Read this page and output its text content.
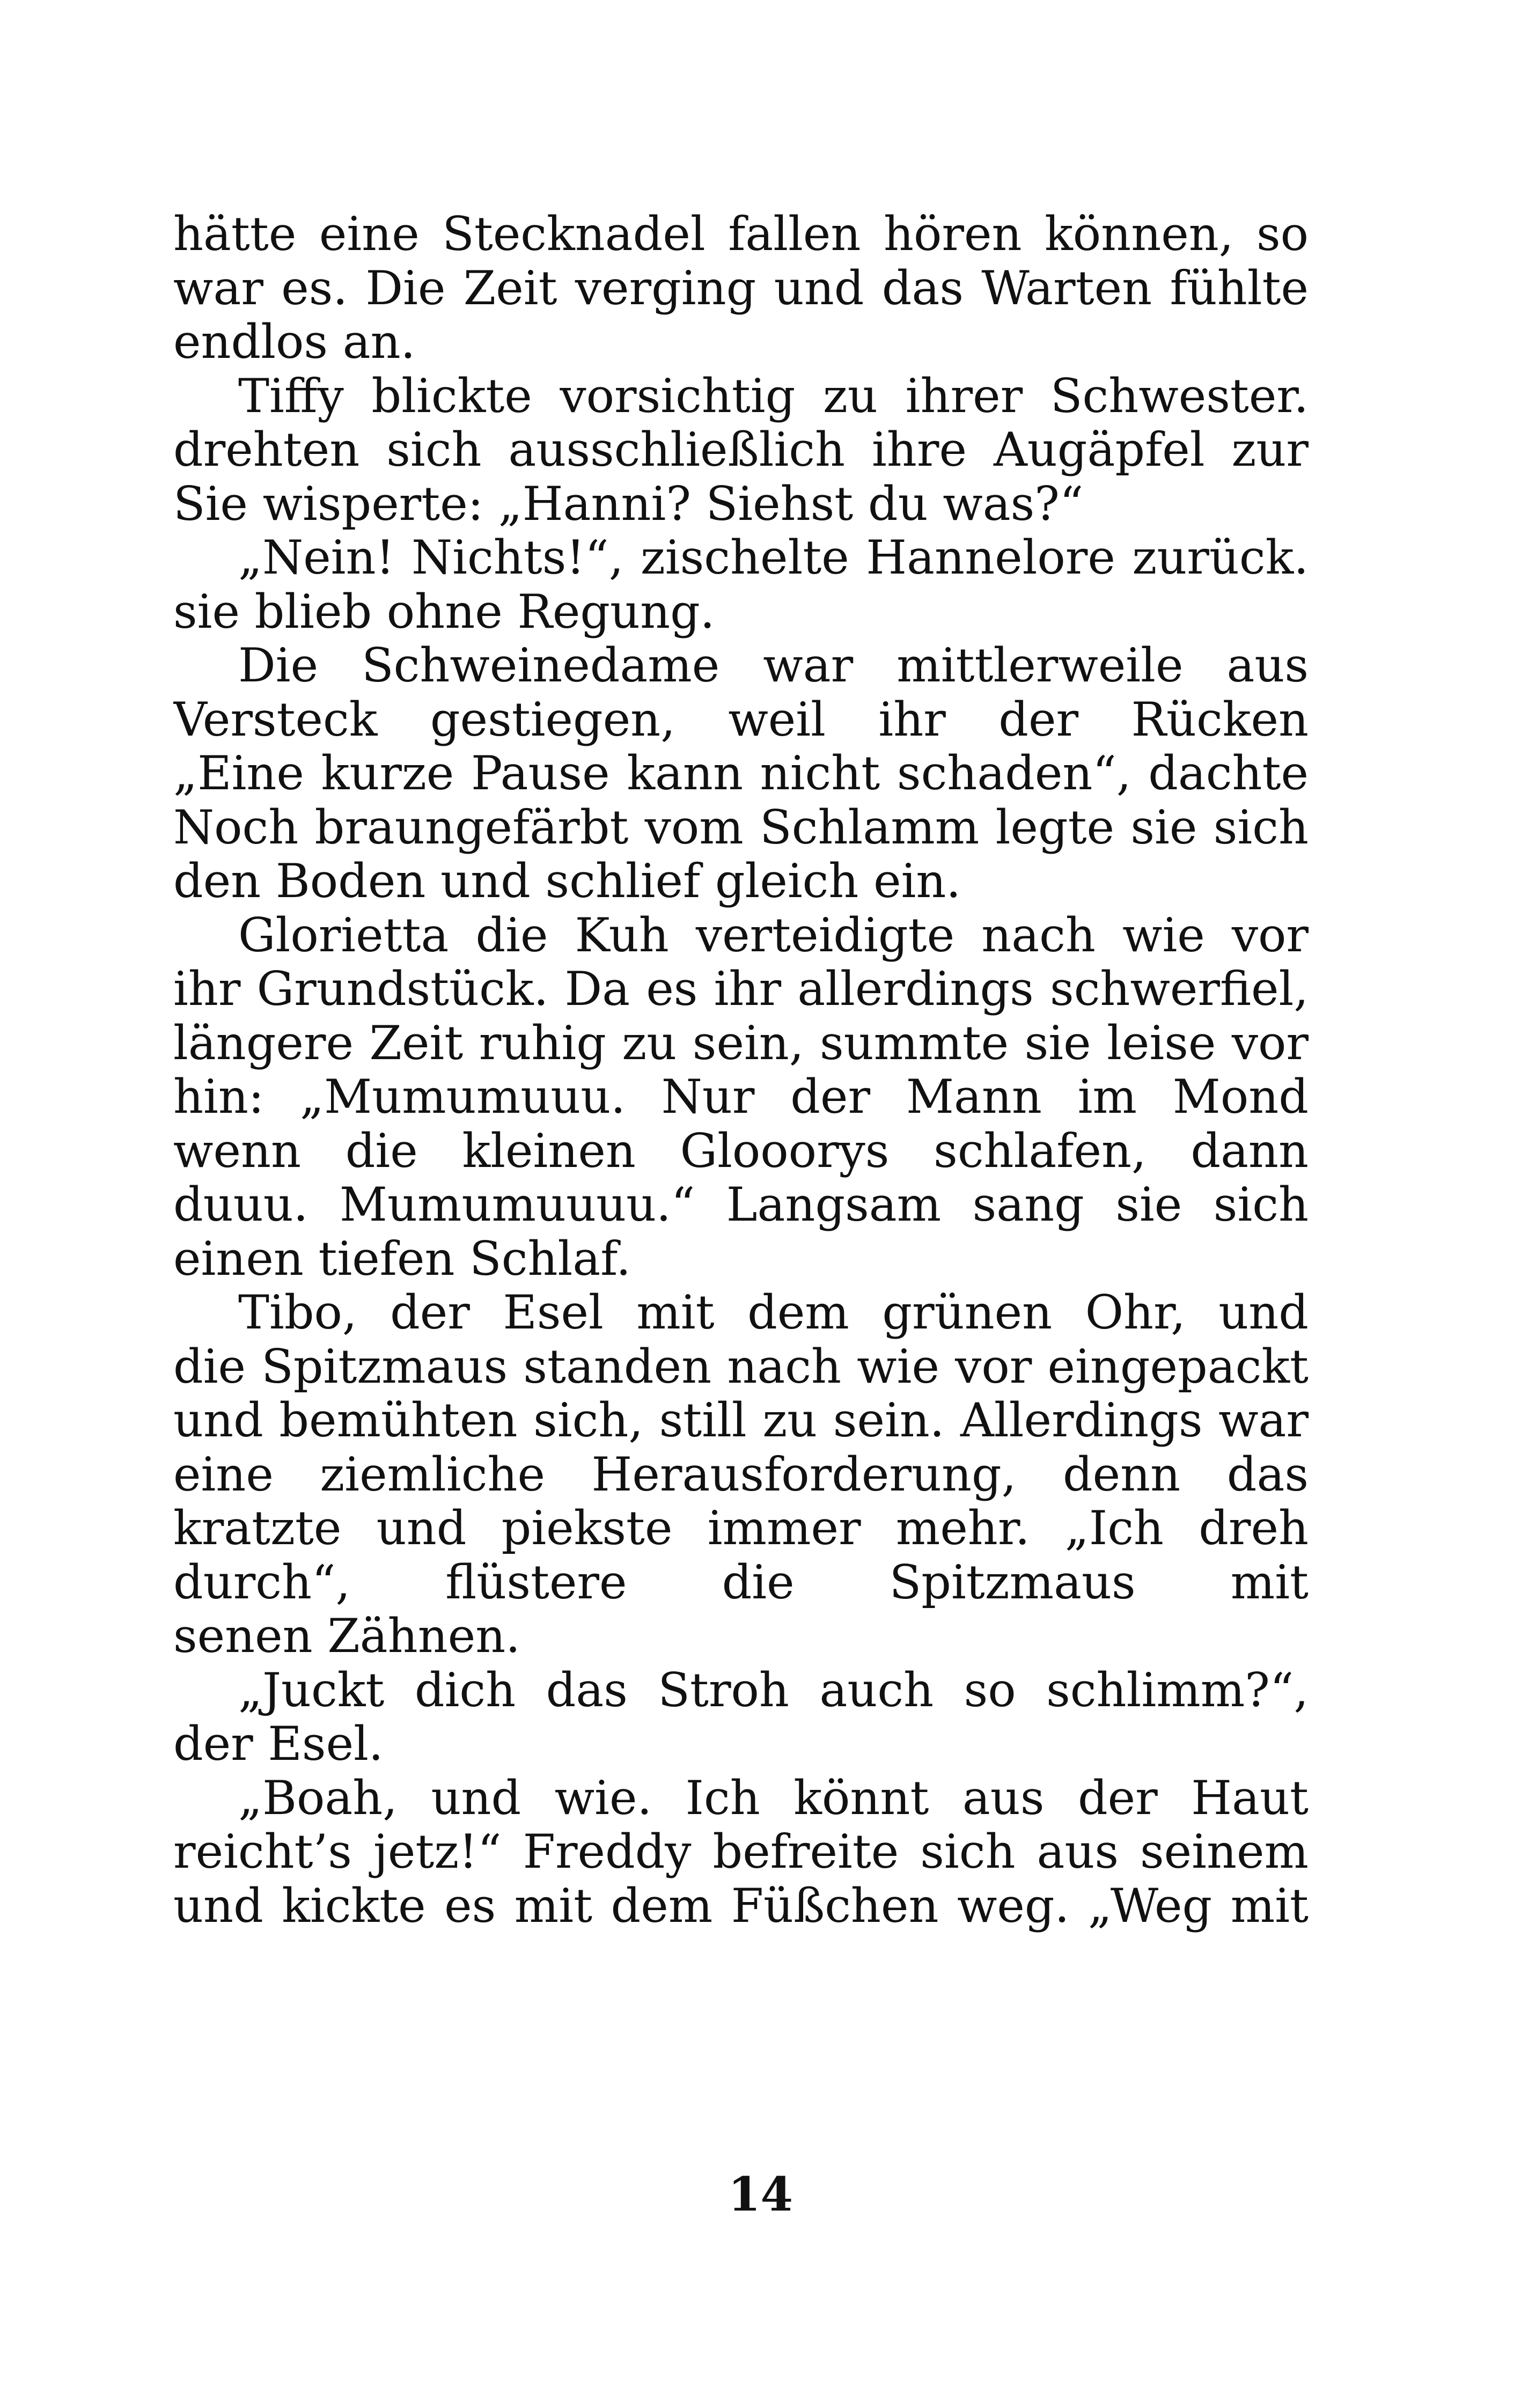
hätte eine Stecknadel fallen hören können, so
war es. Die Zeit verging und das Warten fühlte
endlos an.
Tiffy blickte vorsichtig zu ihrer Schwester.
drehten sich ausschließlich ihre Augäpfel zur
Sie wisperte: „Hanni? Siehst du was?“
„Nein! Nichts!“, zischelte Hannelore zurück.
sie blieb ohne Regung.
Die Schweinedame war mittlerweile aus
Versteck gestiegen, weil ihr der Rücken
„Eine kurze Pause kann nicht schaden“, dachte
Noch braungefärbt vom Schlamm legte sie sich
den Boden und schlief gleich ein.
Glorietta die Kuh verteidigte nach wie vor
ihr Grundstück. Da es ihr allerdings schwerfiel,
längere Zeit ruhig zu sein, summte sie leise vor
hin: „Mumumuuu. Nur der Mann im Mond
wenn die kleinen Glooorys schlafen, dann
duuu. Mumumuuuu.“ Langsam sang sie sich
einen tiefen Schlaf.
Tibo, der Esel mit dem grünen Ohr, und
die Spitzmaus standen nach wie vor eingepackt
und bemühten sich, still zu sein. Allerdings war
eine ziemliche Herausforderung, denn das
kratzte und piekste immer mehr. „Ich dreh
durch“, flüstere die Spitzmaus mit
senen Zähnen.
„Juckt dich das Stroh auch so schlimm?“,
der Esel.
„Boah, und wie. Ich könnt aus der Haut
reicht’s jetz!“ Freddy befreite sich aus seinem
und kickte es mit dem Füßchen weg. „Weg mit
14
